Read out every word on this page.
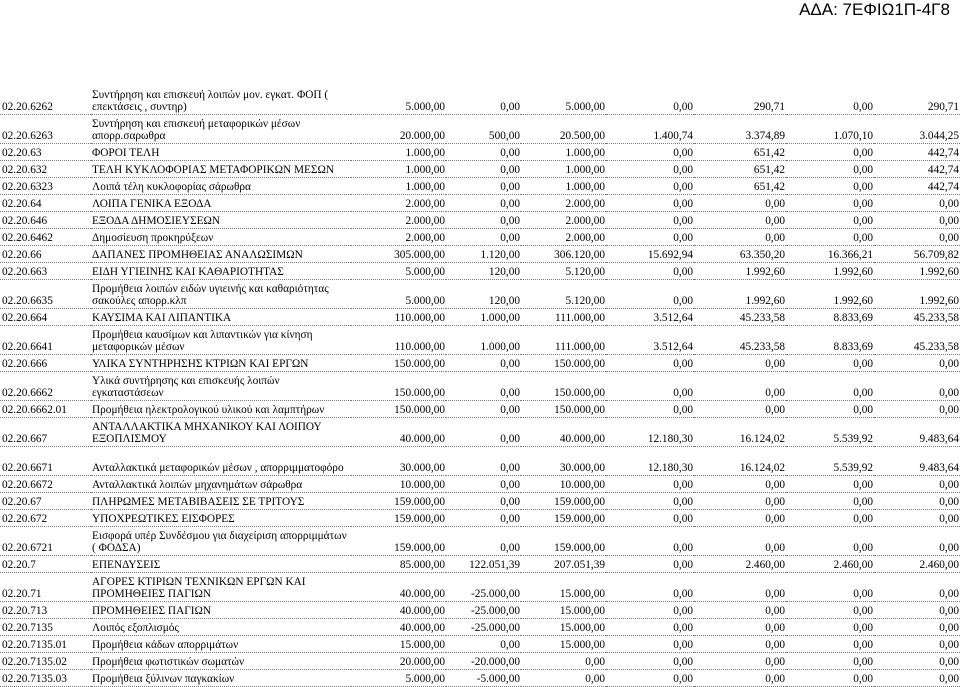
ΑΔΑ: 7ΕΦΙΩ1Π-4Γ8
02.20.6262	Συντήρηση και επισκευή λοιπών μον. εγκατ. ΦΟΠ ( επεκτάσεις , συντηρ)	5.000,00	0,00	5.000,00	0,00	290,71	0,00	290,71
02.20.6263	Συντήρηση και επισκευή μεταφορικών μέσων απορρ.σαρωθρα	20.000,00	500,00	20.500,00	1.400,74	3.374,89	1.070,10	3.044,25
02.20.63	ΦΟΡΟΙ ΤΕΛΗ	1.000,00	0,00	1.000,00	0,00	651,42	0,00	442,74
02.20.632	ΤΕΛΗ ΚΥΚΛΟΦΟΡΙΑΣ ΜΕΤΑΦΟΡΙΚΩΝ ΜΕΣΩΝ	1.000,00	0,00	1.000,00	0,00	651,42	0,00	442,74
02.20.6323	Λοιπά τέλη κυκλοφορίας σάρωθρα	1.000,00	0,00	1.000,00	0,00	651,42	0,00	442,74
02.20.64	ΛΟΙΠΑ ΓΕΝΙΚΑ ΕΞΟΔΑ	2.000,00	0,00	2.000,00	0,00	0,00	0,00	0,00
02.20.646	ΕΞΟΔΑ ΔΗΜΟΣΙΕΥΣΕΩΝ	2.000,00	0,00	2.000,00	0,00	0,00	0,00	0,00
02.20.6462	Δημοσίευση προκηρύξεων	2.000,00	0,00	2.000,00	0,00	0,00	0,00	0,00
02.20.66	ΔΑΠΑΝΕΣ ΠΡΟΜΗΘΕΙΑΣ ΑΝΑΛΩΣΙΜΩΝ	305.000,00	1.120,00	306.120,00	15.692,94	63.350,20	16.366,21	56.709,82
02.20.663	ΕΙΔΗ ΥΓΙΕΙΝΗΣ ΚΑΙ ΚΑΘΑΡΙΟΤΗΤΑΣ	5.000,00	120,00	5.120,00	0,00	1.992,60	1.992,60	1.992,60
02.20.6635	Προμήθεια λοιπών ειδών υγιεινής και καθαριότητας σακούλες απορρ.κλπ	5.000,00	120,00	5.120,00	0,00	1.992,60	1.992,60	1.992,60
02.20.664	ΚΑΥΣΙΜΑ ΚΑΙ ΛΙΠΑΝΤΙΚΑ	110.000,00	1.000,00	111.000,00	3.512,64	45.233,58	8.833,69	45.233,58
02.20.6641	Προμήθεια καυσίμων και λιπαντικών για κίνηση μεταφορικών μέσων	110.000,00	1.000,00	111.000,00	3.512,64	45.233,58	8.833,69	45.233,58
02.20.666	ΥΛΙΚΑ ΣΥΝΤΗΡΗΣΗΣ ΚΤΡΙΩΝ ΚΑΙ ΕΡΓΩΝ	150.000,00	0,00	150.000,00	0,00	0,00	0,00	0,00
02.20.6662	Υλικά συντήρησης και επισκευής λοιπών εγκαταστάσεων	150.000,00	0,00	150.000,00	0,00	0,00	0,00	0,00
02.20.6662.01	Προμήθεια ηλεκτρολογικού υλικού και λαμπτήρων	150.000,00	0,00	150.000,00	0,00	0,00	0,00	0,00
02.20.667	ΑΝΤΑΛΛΑΚΤΙΚΑ ΜΗΧΑΝΙΚΟΥ ΚΑΙ ΛΟΙΠΟΥ ΕΞΟΠΛΙΣΜΟΥ	40.000,00	0,00	40.000,00	12.180,30	16.124,02	5.539,92	9.483,64
02.20.6671	Ανταλλακτικά μεταφορικών μέσων , απορριμματοφόρο	30.000,00	0,00	30.000,00	12.180,30	16.124,02	5.539,92	9.483,64
02.20.6672	Ανταλλακτικά λοιπών μηχανημάτων σάρωθρα	10.000,00	0,00	10.000,00	0,00	0,00	0,00	0,00
02.20.67	ΠΛΗΡΩΜΕΣ ΜΕΤΑΒΙΒΑΣΕΙΣ ΣΕ ΤΡΙΤΟΥΣ	159.000,00	0,00	159.000,00	0,00	0,00	0,00	0,00
02.20.672	ΥΠΟΧΡΕΩΤΙΚΕΣ ΕΙΣΦΟΡΕΣ	159.000,00	0,00	159.000,00	0,00	0,00	0,00	0,00
02.20.6721	Εισφορά υπέρ Συνδέσμου για διαχείριση απορριμμάτων ( ΦΟΔΣΑ)	159.000,00	0,00	159.000,00	0,00	0,00	0,00	0,00
02.20.7	ΕΠΕΝΔΥΣΕΙΣ	85.000,00	122.051,39	207.051,39	0,00	2.460,00	2.460,00	2.460,00
02.20.71	ΑΓΟΡΕΣ ΚΤΙΡΙΩΝ ΤΕΧΝΙΚΩΝ ΕΡΓΩΝ ΚΑΙ ΠΡΟΜΗΘΕΙΕΣ ΠΑΓΙΩΝ	40.000,00	-25.000,00	15.000,00	0,00	0,00	0,00	0,00
02.20.713	ΠΡΟΜΗΘΕΙΕΣ ΠΑΓΙΩΝ	40.000,00	-25.000,00	15.000,00	0,00	0,00	0,00	0,00
02.20.7135	Λοιπός εξοπλισμός	40.000,00	-25.000,00	15.000,00	0,00	0,00	0,00	0,00
02.20.7135.01	Προμήθεια κάδων απορριμάτων	15.000,00	0,00	15.000,00	0,00	0,00	0,00	0,00
02.20.7135.02	Προμήθεια φωτιστικών σωματών	20.000,00	-20.000,00	0,00	0,00	0,00	0,00	0,00
02.20.7135.03	Προμήθεια ξύλινων παγκακίων	5.000,00	-5.000,00	0,00	0,00	0,00	0,00	0,00
